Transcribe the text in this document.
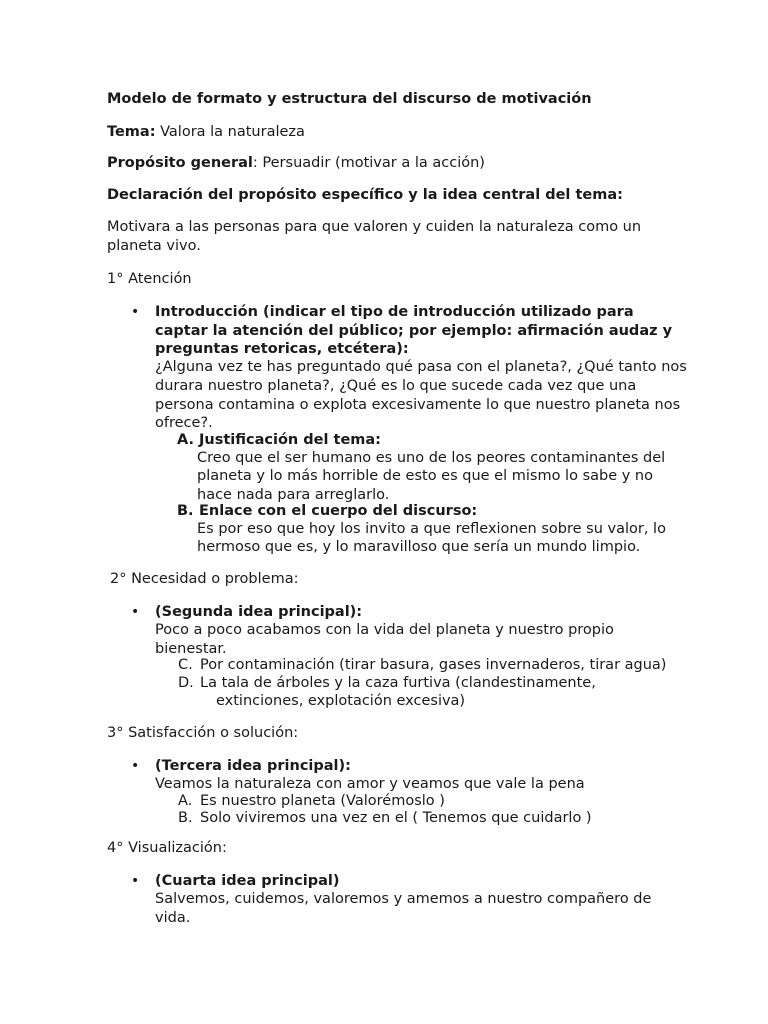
Modelo de formato y estructura del discurso de motivación
Tema: Valora la naturaleza
Propósito general: Persuadir (motivar a la acción)
Declaración del propósito específico y la idea central del tema:
Motivara a las personas para que valoren y cuiden la naturaleza como un
planeta vivo.
1° Atención
• Introducción (indicar el tipo de introducción utilizado para
captar la atención del público; por ejemplo: afirmación audaz y
preguntas retoricas, etcétera):
¿Alguna vez te has preguntado qué pasa con el planeta?, ¿Qué tanto nos
durara nuestro planeta?, ¿Qué es lo que sucede cada vez que una
persona contamina o explota excesivamente lo que nuestro planeta nos
ofrece?.
A. Justificación del tema:
Creo que el ser humano es uno de los peores contaminantes del
planeta y lo más horrible de esto es que el mismo lo sabe y no
hace nada para arreglarlo.
B. Enlace con el cuerpo del discurso:
Es por eso que hoy los invito a que reflexionen sobre su valor, lo
hermoso que es, y lo maravilloso que sería un mundo limpio.
2° Necesidad o problema:
• (Segunda idea principal):
Poco a poco acabamos con la vida del planeta y nuestro propio
bienestar.
C. Por contaminación (tirar basura, gases invernaderos, tirar agua)
D. La tala de árboles y la caza furtiva (clandestinamente,
extinciones, explotación excesiva)
3° Satisfacción o solución:
• (Tercera idea principal):
Veamos la naturaleza con amor y veamos que vale la pena
A. Es nuestro planeta (Valorémoslo )
B. Solo viviremos una vez en el ( Tenemos que cuidarlo )
4° Visualización:
• (Cuarta idea principal)
Salvemos, cuidemos, valoremos y amemos a nuestro compañero de
vida.
